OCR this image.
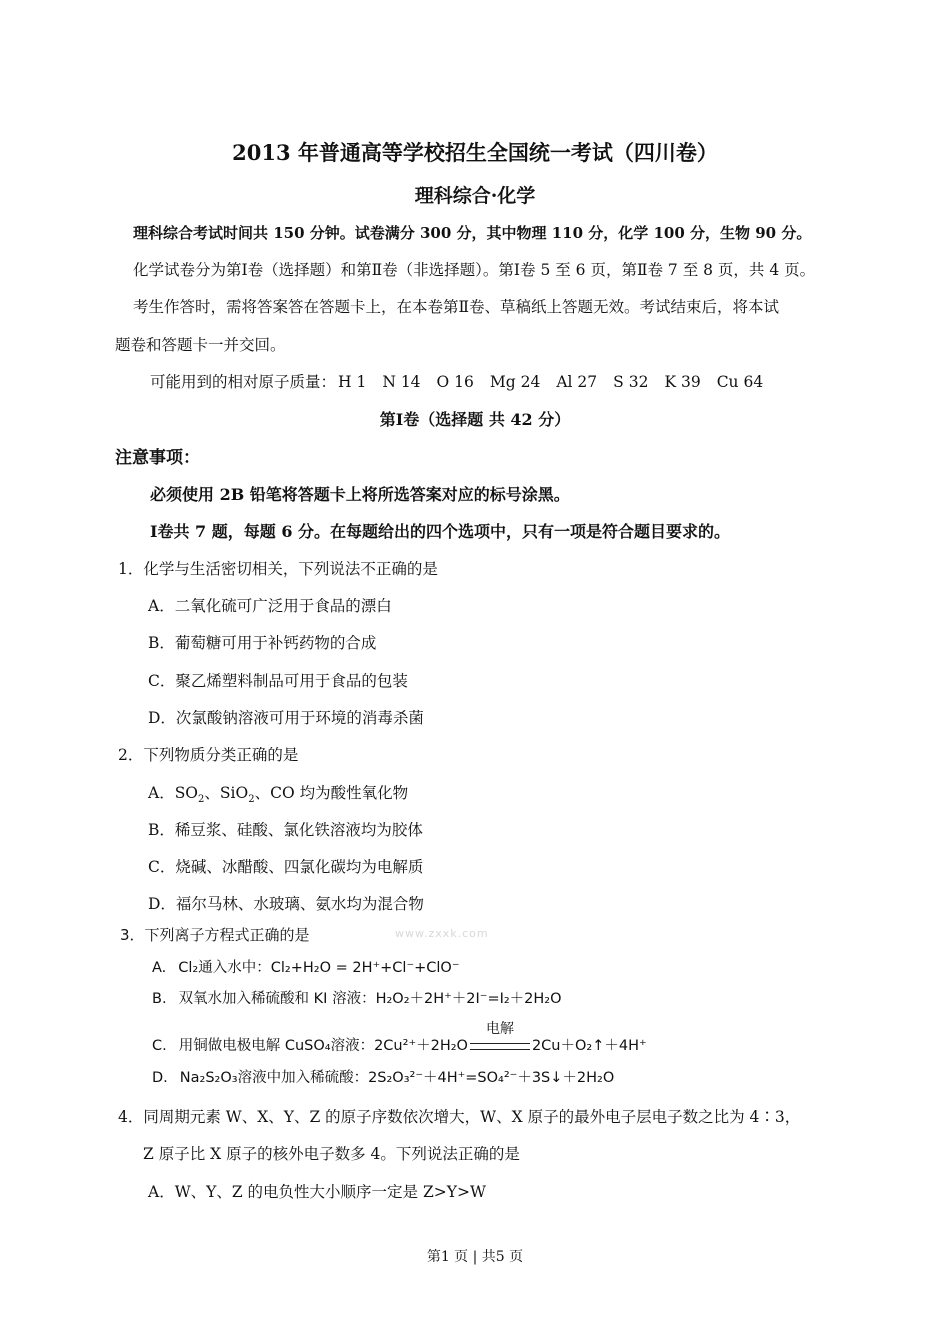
2013 年普通高等学校招生全国统一考试（四川卷）
理科综合·化学
理科综合考试时间共 150 分钟。试卷满分 300 分，其中物理 110 分，化学 100 分，生物 90 分。
化学试卷分为第Ⅰ卷（选择题）和第Ⅱ卷（非选择题）。第Ⅰ卷 5 至 6 页，第Ⅱ卷 7 至 8 页，共 4 页。
考生作答时，需将答案答在答题卡上，在本卷第Ⅱ卷、草稿纸上答题无效。考试结束后，将本试
题卷和答题卡一并交回。
可能用到的相对原子质量： H 1 N 14 O 16 Mg 24 Al 27 S 32 K 39 Cu 64
第Ⅰ卷（选择题 共 42 分）
注意事项：
必须使用 2B 铅笔将答题卡上将所选答案对应的标号涂黑。
Ⅰ卷共 7 题，每题 6 分。在每题给出的四个选项中，只有一项是符合题目要求的。
1．化学与生活密切相关，下列说法不正确的是
A．二氧化硫可广泛用于食品的漂白
B．葡萄糖可用于补钙药物的合成
C．聚乙烯塑料制品可用于食品的包装
D．次氯酸钠溶液可用于环境的消毒杀菌
2．下列物质分类正确的是
A．$SO_2$、SiO$_2$、CO 均为酸性氧化物
B．稀豆浆、硅酸、氯化铁溶液均为胶体
C．烧碱、冰醋酸、四氯化碳均为电解质
D．福尔马林、水玻璃、氨水均为混合物
www.zxxk.com
3．下列离子方程式正确的是
A. Cl₂通入水中：Cl₂+H₂O = 2H⁺+Cl⁻+ClO⁻
B. 双氧水加入稀硫酸和 KI 溶液：H₂O₂＋2H⁺＋2I⁻=I₂＋2H₂O
C. 用铜做电极电解 CuSO₄溶液：2Cu²⁺＋2H₂O
电解
2Cu＋O₂↑＋4H⁺
D. Na₂S₂O₃溶液中加入稀硫酸：2S₂O₃²⁻＋4H⁺=SO₄²⁻＋3S↓＋2H₂O
4．同周期元素 W、X、Y、Z 的原子序数依次增大，W、X 原子的最外电子层电子数之比为 4∶3，
Z 原子比 X 原子的核外电子数多 4。下列说法正确的是
A．W、Y、Z 的电负性大小顺序一定是 Z>Y>W
第1 页 | 共5 页
